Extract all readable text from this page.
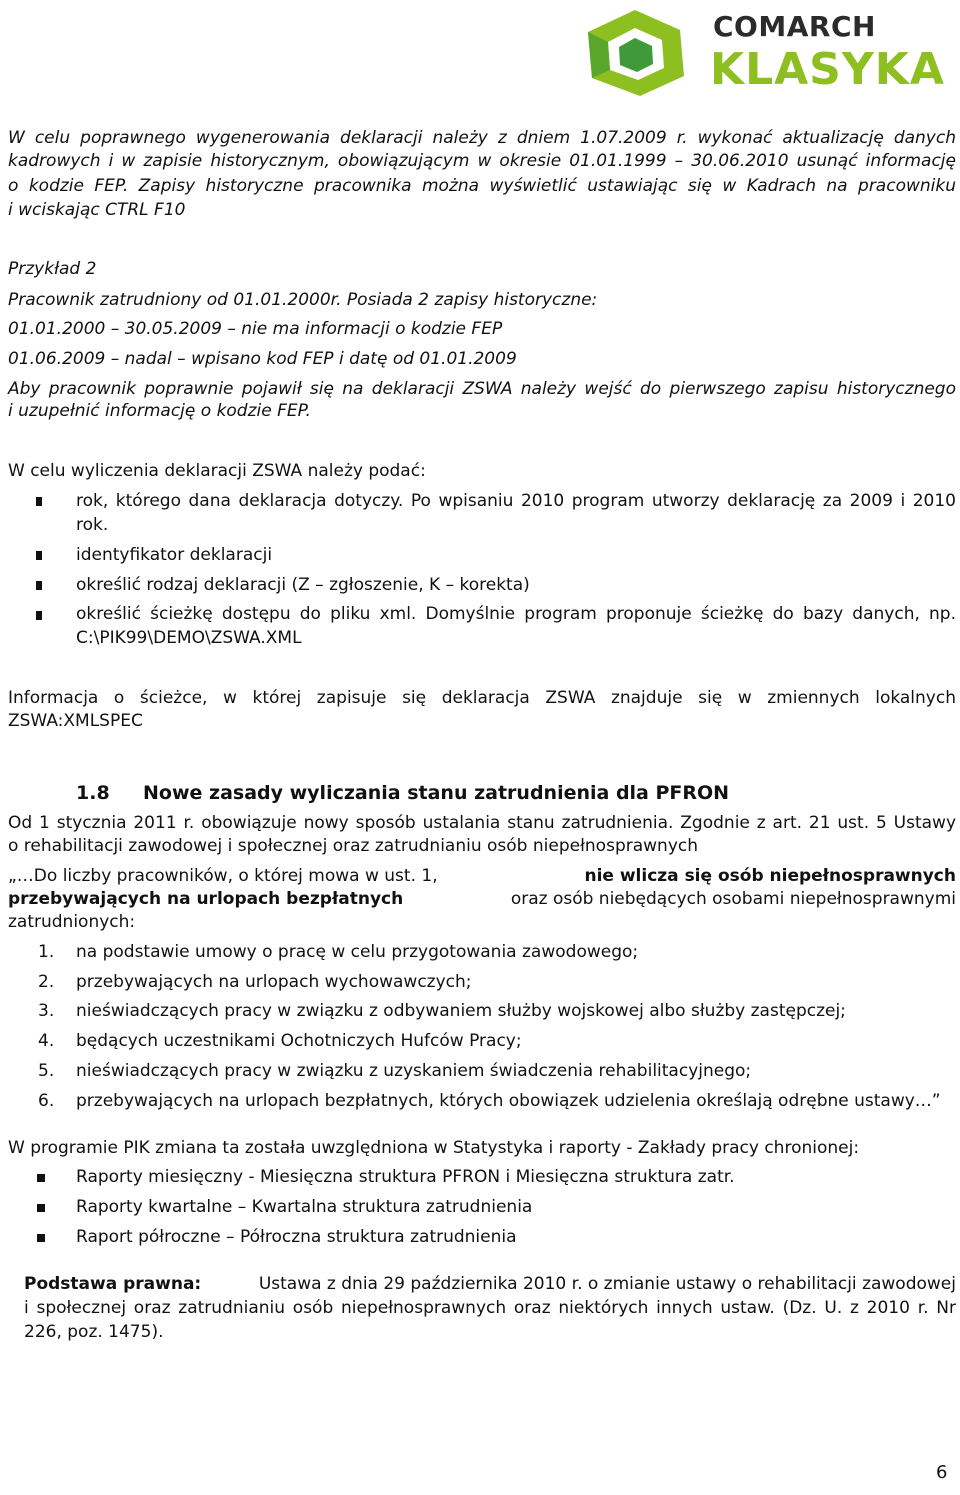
COMARCH
KLASYKA
W celu poprawnego wygenerowania deklaracji należy z dniem 1.07.2009 r. wykonać aktualizację danych
kadrowych i w zapisie historycznym, obowiązującym w okresie 01.01.1999 – 30.06.2010 usunąć informację
o kodzie FEP. Zapisy historyczne pracownika można wyświetlić ustawiając się w Kadrach na pracowniku
i wciskając CTRL F10
Przykład 2
Pracownik zatrudniony od 01.01.2000r. Posiada 2 zapisy historyczne:
01.01.2000 – 30.05.2009 – nie ma informacji o kodzie FEP
01.06.2009 – nadal – wpisano kod FEP i datę od 01.01.2009
Aby pracownik poprawnie pojawił się na deklaracji ZSWA należy wejść do pierwszego zapisu historycznego
i uzupełnić informację o kodzie FEP.
W celu wyliczenia deklaracji ZSWA należy podać:
rok, którego dana deklaracja dotyczy. Po wpisaniu 2010 program utworzy deklarację za 2009 i 2010
rok.
identyfikator deklaracji
określić rodzaj deklaracji (Z – zgłoszenie, K – korekta)
określić ścieżkę dostępu do pliku xml. Domyślnie program proponuje ścieżkę do bazy danych, np.
C:\PIK99\DEMO\ZSWA.XML
Informacja o ścieżce, w której zapisuje się deklaracja ZSWA znajduje się w zmiennych lokalnych
ZSWA:XMLSPEC
1.8 Nowe zasady wyliczania stanu zatrudnienia dla PFRON
Od 1 stycznia 2011 r. obowiązuje nowy sposób ustalania stanu zatrudnienia. Zgodnie z art. 21 ust. 5 Ustawy
o rehabilitacji zawodowej i społecznej oraz zatrudnianiu osób niepełnosprawnych
„…Do liczby pracowników, o której mowa w ust. 1,	nie wlicza się osób niepełnosprawnych
przebywających na urlopach bezpłatnych	oraz osób niebędących osobami niepełnosprawnymi
zatrudnionych:
1. na podstawie umowy o pracę w celu przygotowania zawodowego;
2. przebywających na urlopach wychowawczych;
3. nieświadczących pracy w związku z odbywaniem służby wojskowej albo służby zastępczej;
4. będących uczestnikami Ochotniczych Hufców Pracy;
5. nieświadczących pracy w związku z uzyskaniem świadczenia rehabilitacyjnego;
6. przebywających na urlopach bezpłatnych, których obowiązek udzielenia określają odrębne ustawy…”
W programie PIK zmiana ta została uwzględniona w Statystyka i raporty - Zakłady pracy chronionej:
Raporty miesięczny - Miesięczna struktura PFRON i Miesięczna struktura zatr.
Raporty kwartalne – Kwartalna struktura zatrudnienia
Raport półroczne – Półroczna struktura zatrudnienia
Podstawa prawna:	Ustawa z dnia 29 października 2010 r. o zmianie ustawy o rehabilitacji zawodowej
i społecznej oraz zatrudnianiu osób niepełnosprawnych oraz niektórych innych ustaw. (Dz. U. z 2010 r. Nr
226, poz. 1475).
6
